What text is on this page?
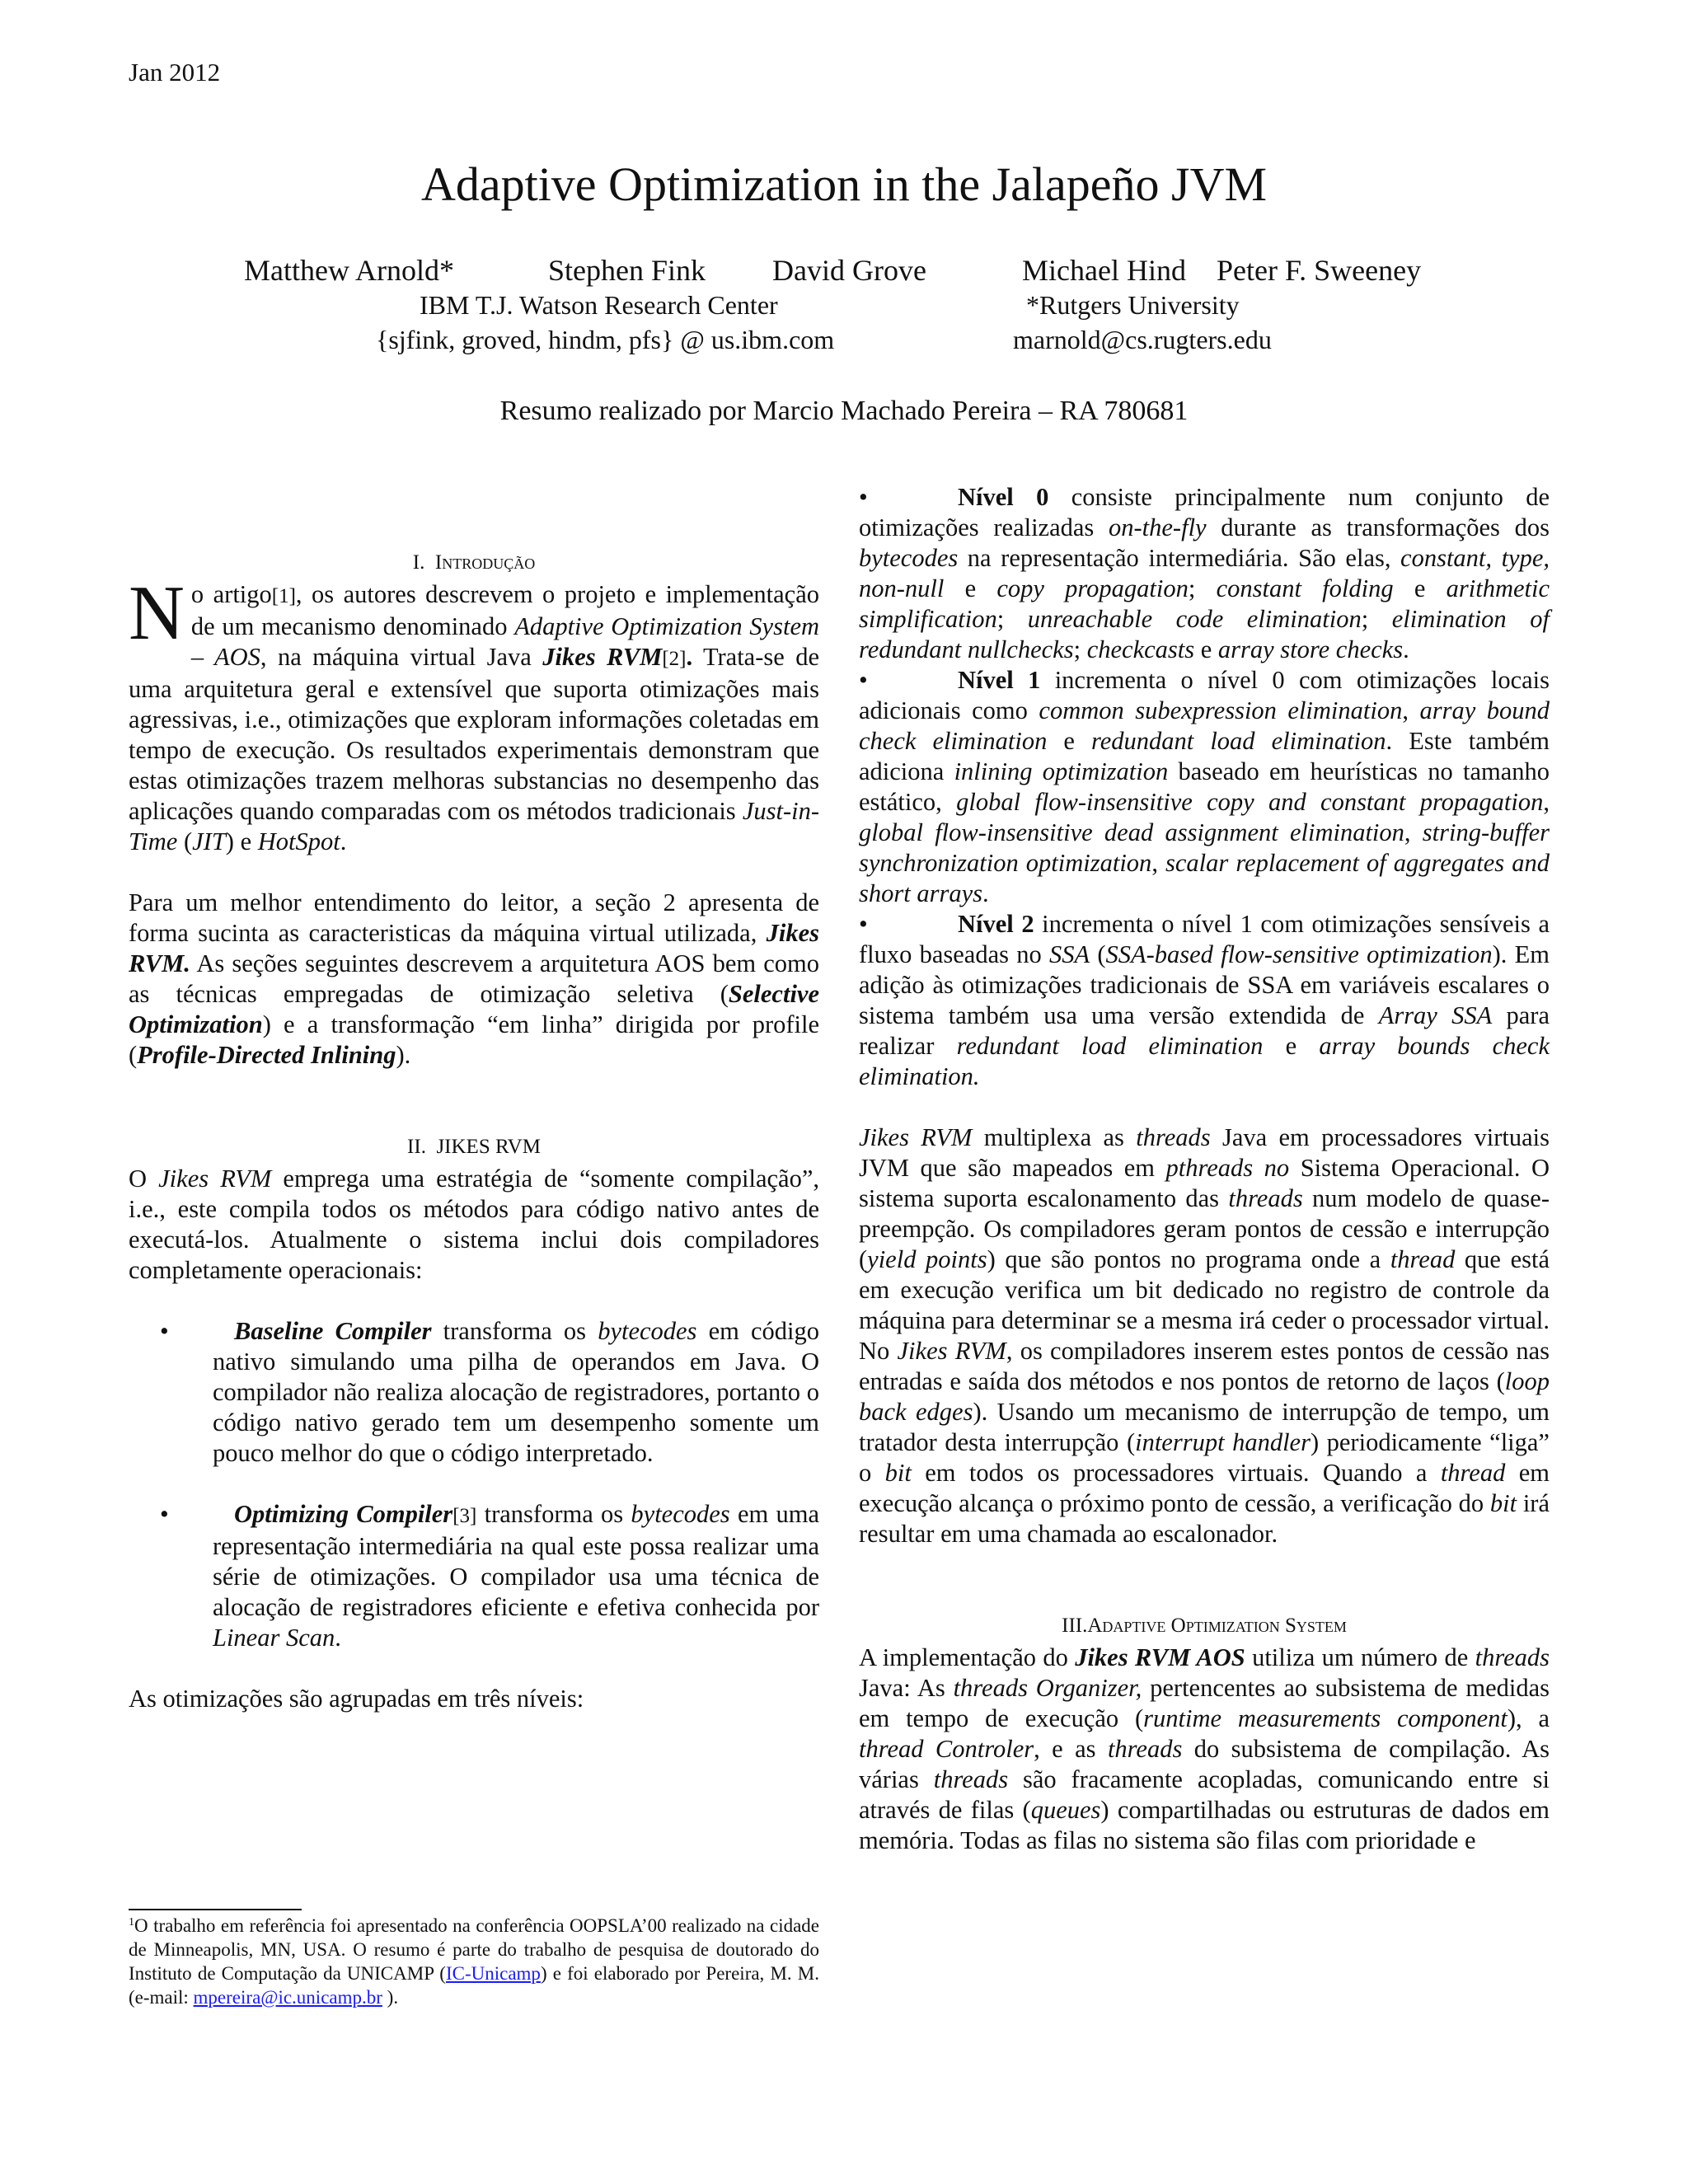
Jan 2012
Adaptive Optimization in the Jalapeño JVM
Matthew Arnold*	Stephen Fink David Grove	Michael Hind Peter F. Sweeney
IBM T.J. Watson Research Center	*Rutgers University
{sjfink, groved, hindm, pfs} @ us.ibm.com	marnold@cs.rugters.edu
Resumo realizado por Marcio Machado Pereira – RA 780681

I. Introdução

No artigo[1], os autores descrevem o projeto e implementação de um mecanismo denominado Adaptive Optimization System – AOS, na máquina virtual Java Jikes RVM[2]. Trata-se de uma arquitetura geral e extensível que suporta otimizações mais agressivas, i.e., otimizações que exploram informações coletadas em tempo de execução. Os resultados experimentais demonstram que estas otimizações trazem melhoras substancias no desempenho das aplicações quando comparadas com os métodos tradicionais Just-in-Time (JIT) e HotSpot.

Para um melhor entendimento do leitor, a seção 2 apresenta de forma sucinta as caracteristicas da máquina virtual utilizada, Jikes RVM. As seções seguintes descrevem a arquitetura AOS bem como as técnicas empregadas de otimização seletiva (Selective Optimization) e a transformação “em linha” dirigida por profile (Profile-Directed Inlining).

II. JIKES RVM

O Jikes RVM emprega uma estratégia de “somente compilação”, i.e., este compila todos os métodos para código nativo antes de executá-los. Atualmente o sistema inclui dois compiladores completamente operacionais:

•	Baseline Compiler transforma os bytecodes em código nativo simulando uma pilha de operandos em Java. O compilador não realiza alocação de registradores, portanto o código nativo gerado tem um desempenho somente um pouco melhor do que o código interpretado.
•	Optimizing Compiler[3] transforma os bytecodes em uma representação intermediária na qual este possa realizar uma série de otimizações. O compilador usa uma técnica de alocação de registradores eficiente e efetiva conhecida por Linear Scan.

As otimizações são agrupadas em três níveis:

•	Nível 0 consiste principalmente num conjunto de otimizações realizadas on-the-fly durante as transformações dos bytecodes na representação intermediária. São elas, constant, type, non-null e copy propagation; constant folding e arithmetic simplification; unreachable code elimination; elimination of redundant nullchecks; checkcasts e array store checks.

•	Nível 1 incrementa o nível 0 com otimizações locais adicionais como common subexpression elimination, array bound check elimination e redundant load elimination. Este também adiciona inlining optimization baseado em heurísticas no tamanho estático, global flow-insensitive copy and constant propagation, global flow-insensitive dead assignment elimination, string-buffer synchronization optimization, scalar replacement of aggregates and short arrays.

•	Nível 2 incrementa o nível 1 com otimizações sensíveis a fluxo baseadas no SSA (SSA-based flow-sensitive optimization). Em adição às otimizações tradicionais de SSA em variáveis escalares o sistema também usa uma versão extendida de Array SSA para realizar redundant load elimination e array bounds check elimination.

Jikes RVM multiplexa as threads Java em processadores virtuais JVM que são mapeados em pthreads no Sistema Operacional. O sistema suporta escalonamento das threads num modelo de quase-preempção. Os compiladores geram pontos de cessão e interrupção (yield points) que são pontos no programa onde a thread que está em execução verifica um bit dedicado no registro de controle da máquina para determinar se a mesma irá ceder o processador virtual. No Jikes RVM, os compiladores inserem estes pontos de cessão nas entradas e saída dos métodos e nos pontos de retorno de laços (loop back edges). Usando um mecanismo de interrupção de tempo, um tratador desta interrupção (interrupt handler) periodicamente “liga” o bit em todos os processadores virtuais. Quando a thread em execução alcança o próximo ponto de cessão, a verificação do bit irá resultar em uma chamada ao escalonador.

III.Adaptive Optimization System

A implementação do Jikes RVM AOS utiliza um número de threads Java: As threads Organizer, pertencentes ao subsistema de medidas em tempo de execução (runtime measurements component), a thread Controler, e as threads do subsistema de compilação. As várias threads são fracamente acopladas, comunicando entre si através de filas (queues) compartilhadas ou estruturas de dados em memória. Todas as filas no sistema são filas com prioridade e

$^1$O trabalho em referência foi apresentado na conferência OOPSLA’00 realizado na cidade de Minneapolis, MN, USA. O resumo é parte do trabalho de pesquisa de doutorado do Instituto de Computação da UNICAMP (IC-Unicamp) e foi elaborado por Pereira, M. M. (e-mail: mpereira@ic.unicamp.br ).
